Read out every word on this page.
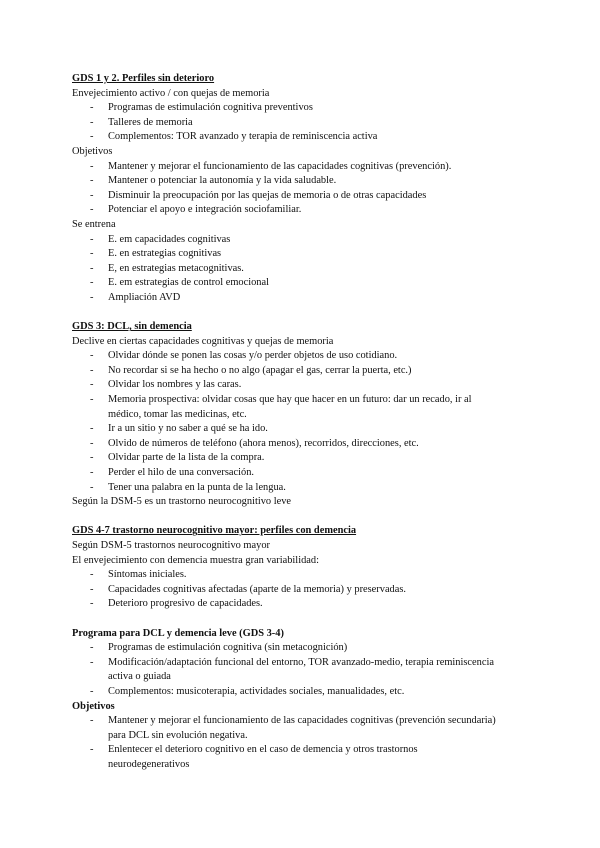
GDS 1 y 2. Perfiles sin deterioro
Envejecimiento activo / con quejas de memoria
- Programas de estimulación cognitiva preventivos
- Talleres de memoria
- Complementos: TOR avanzado y terapia de reminiscencia activa
Objetivos
- Mantener y mejorar el funcionamiento de las capacidades cognitivas (prevención).
- Mantener o potenciar la autonomía y la vida saludable.
- Disminuir la preocupación por las quejas de memoria o de otras capacidades
- Potenciar el apoyo e integración sociofamiliar.
Se entrena
- E. em capacidades cognitivas
- E. en estrategias cognitivas
- E, en estrategias metacognitivas.
- E. em estrategias de control emocional
- Ampliación AVD
GDS 3: DCL, sin demencia
Declive en ciertas capacidades cognitivas y quejas de memoria
- Olvidar dónde se ponen las cosas y/o perder objetos de uso cotidiano.
- No recordar si se ha hecho o no algo (apagar el gas, cerrar la puerta, etc.)
- Olvidar los nombres y las caras.
- Memoria prospectiva: olvidar cosas que hay que hacer en un futuro: dar un recado, ir al
médico, tomar las medicinas, etc.
- Ir a un sitio y no saber a qué se ha ido.
- Olvido de números de teléfono (ahora menos), recorridos, direcciones, etc.
- Olvidar parte de la lista de la compra.
- Perder el hilo de una conversación.
- Tener una palabra en la punta de la lengua.
Según la DSM-5 es un trastorno neurocognitivo leve
GDS 4-7 trastorno neurocognitivo mayor: perfiles con demencia
Según DSM-5 trastornos neurocognitivo mayor
El envejecimiento con demencia muestra gran variabilidad:
- Síntomas iniciales.
- Capacidades cognitivas afectadas (aparte de la memoria) y preservadas.
- Deterioro progresivo de capacidades.
Programa para DCL y demencia leve (GDS 3-4)
- Programas de estimulación cognitiva (sin metacognición)
- Modificación/adaptación funcional del entorno, TOR avanzado-medio, terapia reminiscencia
activa o guiada
- Complementos: musicoterapia, actividades sociales, manualidades, etc.
Objetivos
- Mantener y mejorar el funcionamiento de las capacidades cognitivas (prevención secundaria)
para DCL sin evolución negativa.
- Enlentecer el deterioro cognitivo en el caso de demencia y otros trastornos
neurodegenerativos
